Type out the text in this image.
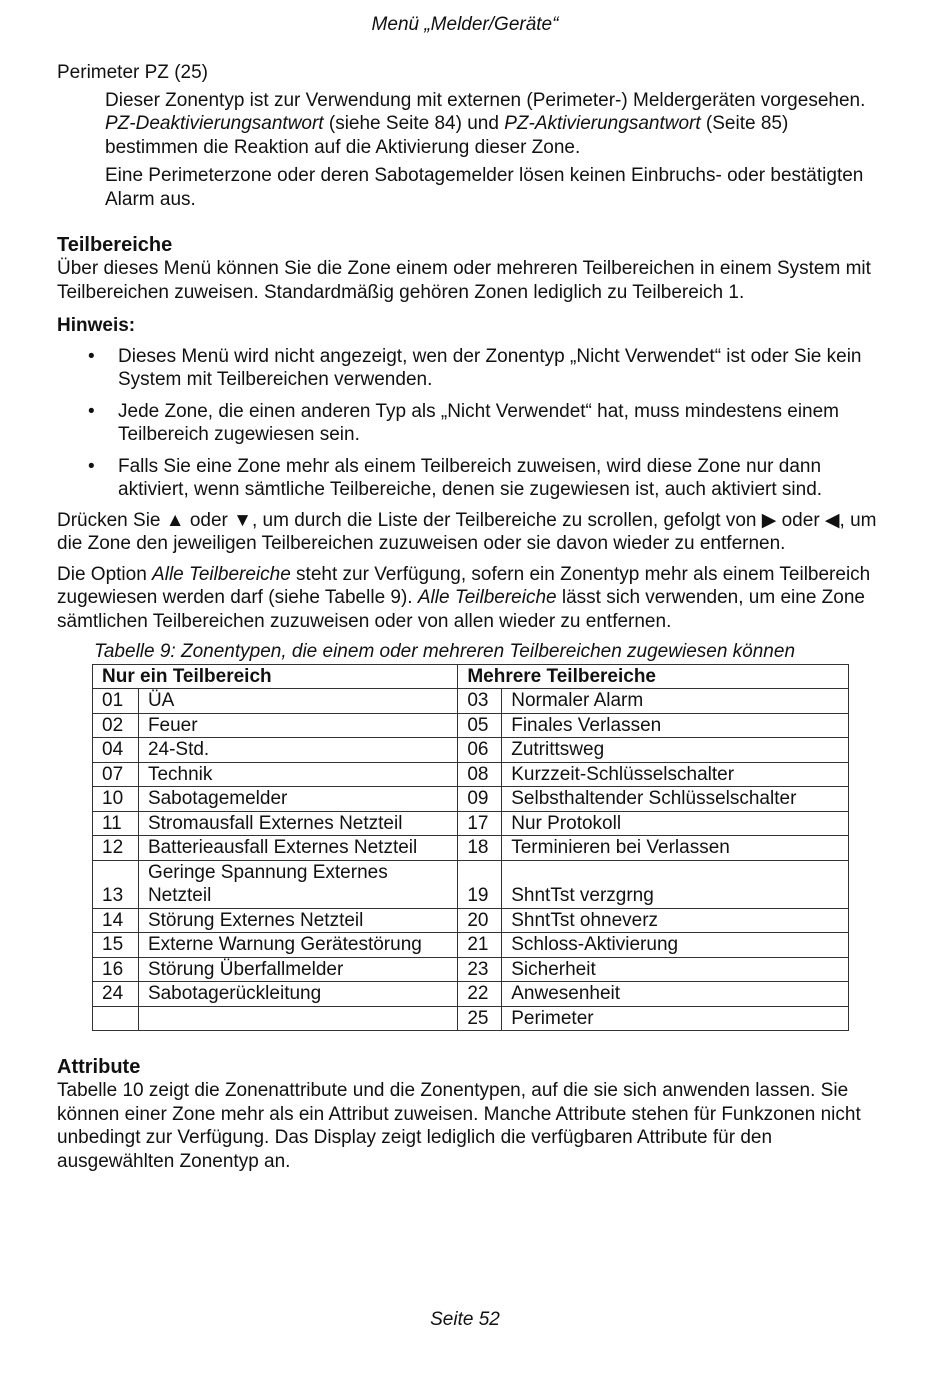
Menü „Melder/Geräte“

Perimeter PZ (25)

Dieser Zonentyp ist zur Verwendung mit externen (Perimeter-) Meldergeräten vorgesehen. PZ-Deaktivierungsantwort (siehe Seite 84) und PZ-Aktivierungsantwort (Seite 85) bestimmen die Reaktion auf die Aktivierung dieser Zone.

Eine Perimeterzone oder deren Sabotagemelder lösen keinen Einbruchs- oder bestätigten Alarm aus.

Teilbereiche

Über dieses Menü können Sie die Zone einem oder mehreren Teilbereichen in einem System mit Teilbereichen zuweisen. Standardmäßig gehören Zonen lediglich zu Teilbereich 1.

Hinweis:

• Dieses Menü wird nicht angezeigt, wen der Zonentyp „Nicht Verwendet“ ist oder Sie kein System mit Teilbereichen verwenden.
• Jede Zone, die einen anderen Typ als „Nicht Verwendet“ hat, muss mindestens einem Teilbereich zugewiesen sein.
• Falls Sie eine Zone mehr als einem Teilbereich zuweisen, wird diese Zone nur dann aktiviert, wenn sämtliche Teilbereiche, denen sie zugewiesen ist, auch aktiviert sind.

Drücken Sie ▲ oder ▼, um durch die Liste der Teilbereiche zu scrollen, gefolgt von ▶ oder ◀, um die Zone den jeweiligen Teilbereichen zuzuweisen oder sie davon wieder zu entfernen.

Die Option Alle Teilbereiche steht zur Verfügung, sofern ein Zonentyp mehr als einem Teilbereich zugewiesen werden darf (siehe Tabelle 9). Alle Teilbereiche lässt sich verwenden, um eine Zone sämtlichen Teilbereichen zuzuweisen oder von allen wieder zu entfernen.

Tabelle 9: Zonentypen, die einem oder mehreren Teilbereichen zugewiesen können

Nur ein Teilbereich		Mehrere Teilbereiche	
01	ÜA	03	Normaler Alarm
02	Feuer	05	Finales Verlassen
04	24-Std.	06	Zutrittsweg
07	Technik	08	Kurzzeit-Schlüsselschalter
10	Sabotagemelder	09	Selbsthaltender Schlüsselschalter
11	Stromausfall Externes Netzteil	17	Nur Protokoll
12	Batterieausfall Externes Netzteil	18	Terminieren bei Verlassen
13	Geringe Spannung Externes Netzteil	19	ShntTst verzgrng
14	Störung Externes Netzteil	20	ShntTst ohneverz
15	Externe Warnung Gerätestörung	21	Schloss-Aktivierung
16	Störung Überfallmelder	23	Sicherheit
24	Sabotagerückleitung	22	Anwesenheit
		25	Perimeter
Attribute

Tabelle 10 zeigt die Zonenattribute und die Zonentypen, auf die sie sich anwenden lassen. Sie können einer Zone mehr als ein Attribut zuweisen. Manche Attribute stehen für Funkzonen nicht unbedingt zur Verfügung. Das Display zeigt lediglich die verfügbaren Attribute für den ausgewählten Zonentyp an.

Seite 52
